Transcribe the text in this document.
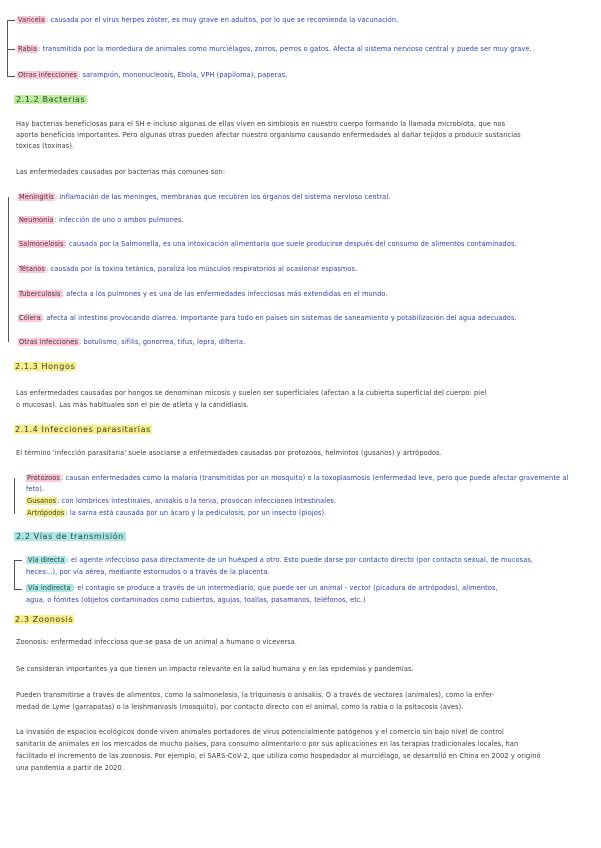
Varicela: causada por el virus herpes zóster, es muy grave en adultos, por lo que se recomienda la vacunación.
Rabia: transmitida por la mordedura de animales como murciélagos, zorros, perros o gatos. Afecta al sistema nervioso central y puede ser muy grave.
Otras infecciones: sarampión, mononucleosis, Ébola, VPH (papiloma), paperas.
2.1.2 Bacterias
Hay bacterias beneficiosas para el SH e incluso algunas de ellas viven en simbiosis en nuestro cuerpo formando la llamada microbiota, que nos
aporta beneficios importantes. Pero algunas otras pueden afectar nuestro organismo causando enfermedades al dañar tejidos o producir sustancias
tóxicas (toxinas).
Las enfermedades causadas por bacterias más comunes son:
Meningitis: inflamación de las meninges, membranas que recubren los órganos del sistema nervioso central.
Neumonía: infección de uno o ambos pulmones.
Salmonelosis: causada por la Salmonella, es una intoxicación alimentaria que suele producirse después del consumo de alimentos contaminados.
Tétanos: causado por la toxina tetánica, paraliza los músculos respiratorios al ocasionar espasmos.
Tuberculosis: afecta a los pulmones y es una de las enfermedades infecciosas más extendidas en el mundo.
Cólera: afecta al intestino provocando diarrea. Importante para todo en países sin sistemas de saneamiento y potabilización del agua adecuados.
Otras infecciones: botulismo, sífilis, gonorrea, tifus, lepra, difteria.
2.1.3 Hongos
Las enfermedades causadas por hongos se denominan micosis y suelen ser superficiales (afectan a la cubierta superficial del cuerpo: piel
o mucosas). Las más habituales son el pie de atleta y la candidiasis.
2.1.4 Infecciones parasitarias
El término 'infección parasitaria' suele asociarse a enfermedades causadas por protozoos, helmintos (gusanos) y artrópodos.
Protozoos: causan enfermedades como la malaria (transmitidas por un mosquito) o la toxoplasmosis (enfermedad leve, pero que puede afectar gravemente al
feto).
Gusanos: con lombrices intestinales, anisakis o la tenia, provocan infecciones intestinales.
Artrópodos: la sarna está causada por un ácaro y la pediculosis, por un insecto (piojos).
2.2 Vías de transmisión
Vía directa : el agente infeccioso pasa directamente de un huésped a otro. Esto puede darse por contacto directo (por contacto sexual, de mucosas,
heces...), por vía aérea, mediante estornudos o a través de la placenta.
Vía indirecta : el contagio se produce a través de un intermediario, que puede ser un animal - vector (picadura de artrópodos), alimentos,
agua, o fómites (objetos contaminados como cubiertos, agujas, toallas, pasamanos, teléfonos, etc.)
2.3 Zoonosis
Zoonosis: enfermedad infecciosa que se pasa de un animal a humano o viceversa.
Se consideran importantes ya que tienen un impacto relevante en la salud humana y en las epidemias y pandemias.
Pueden transmitirse a través de alimentos, como la salmonelosis, la triquinosis o anisakis. O a través de vectores (animales), como la enfer-
medad de Lyme (garrapatas) o la leishmaniasis (mosquito), por contacto directo con el animal, como la rabia o la psitacosis (aves).
La invasión de espacios ecológicos donde viven animales portadores de virus potencialmente patógenos y el comercio sin bajo nivel de control
sanitario de animales en los mercados de mucho países, para consumo alimentario o por sus aplicaciones en las terapias tradicionales locales, han
facilitado el incremento de las zoonosis. Por ejemplo, el SARS-CoV-2, que utiliza como hospedador al murciélago, se desarrolló en China en 2002 y originó
una pandemia a partir de 2020.
